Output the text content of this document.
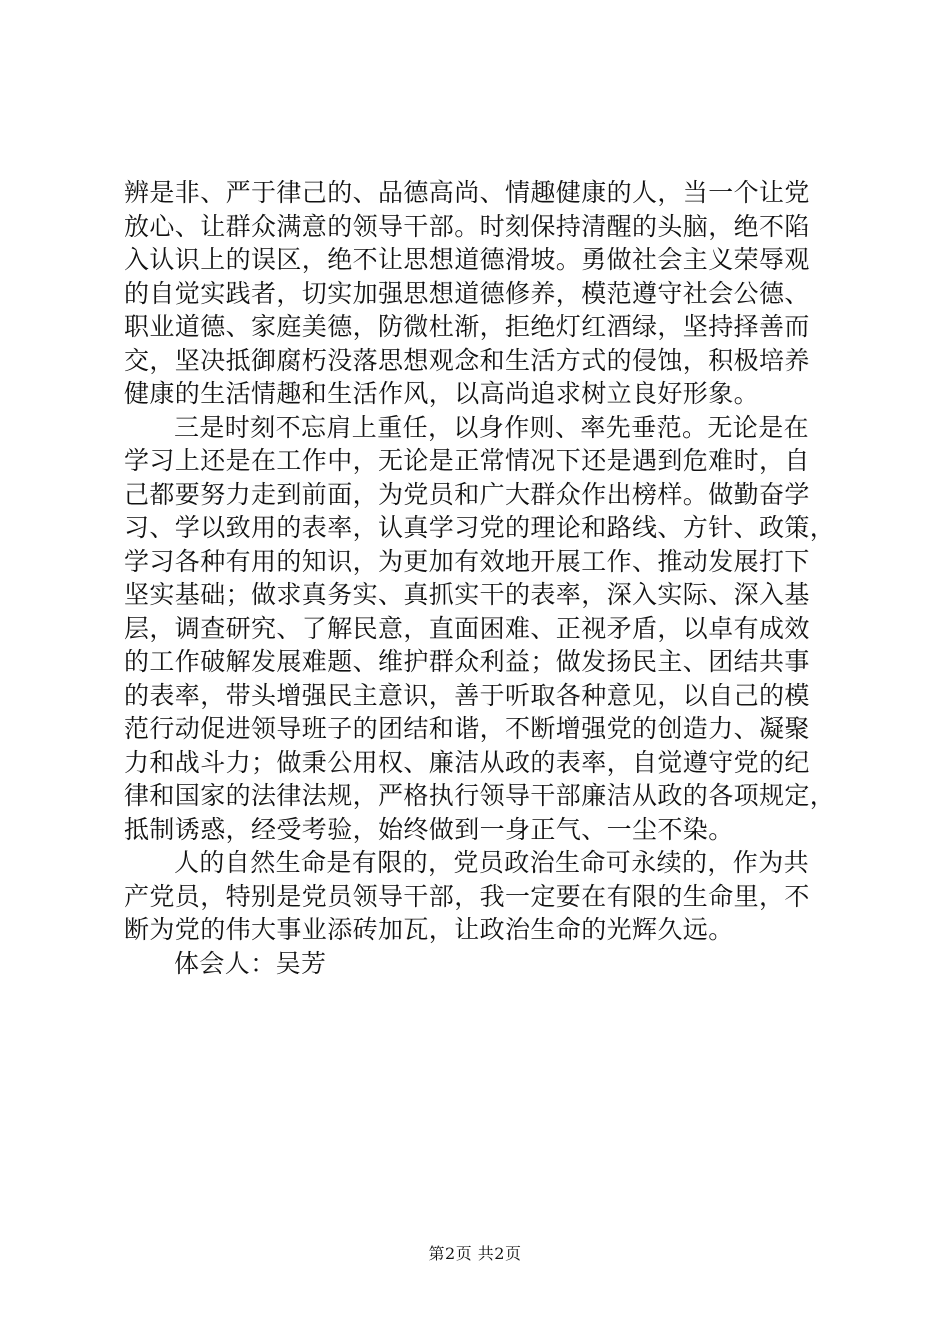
辨是非、严于律己的、品德高尚、情趣健康的人，当一个让党
放心、让群众满意的领导干部。时刻保持清醒的头脑，绝不陷
入认识上的误区，绝不让思想道德滑坡。勇做社会主义荣辱观
的自觉实践者，切实加强思想道德修养，模范遵守社会公德、
职业道德、家庭美德，防微杜渐，拒绝灯红酒绿，坚持择善而
交，坚决抵御腐朽没落思想观念和生活方式的侵蚀，积极培养
健康的生活情趣和生活作风，以高尚追求树立良好形象。
三是时刻不忘肩上重任，以身作则、率先垂范。无论是在
学习上还是在工作中，无论是正常情况下还是遇到危难时，自
己都要努力走到前面，为党员和广大群众作出榜样。做勤奋学
习、学以致用的表率，认真学习党的理论和路线、方针、政策，
学习各种有用的知识，为更加有效地开展工作、推动发展打下
坚实基础；做求真务实、真抓实干的表率，深入实际、深入基
层，调查研究、了解民意，直面困难、正视矛盾，以卓有成效
的工作破解发展难题、维护群众利益；做发扬民主、团结共事
的表率，带头增强民主意识，善于听取各种意见，以自己的模
范行动促进领导班子的团结和谐，不断增强党的创造力、凝聚
力和战斗力；做秉公用权、廉洁从政的表率，自觉遵守党的纪
律和国家的法律法规，严格执行领导干部廉洁从政的各项规定，
抵制诱惑，经受考验，始终做到一身正气、一尘不染。
人的自然生命是有限的，党员政治生命可永续的，作为共
产党员，特别是党员领导干部，我一定要在有限的生命里，不
断为党的伟大事业添砖加瓦，让政治生命的光辉久远。
体会人：吴芳
第2页 共2页
